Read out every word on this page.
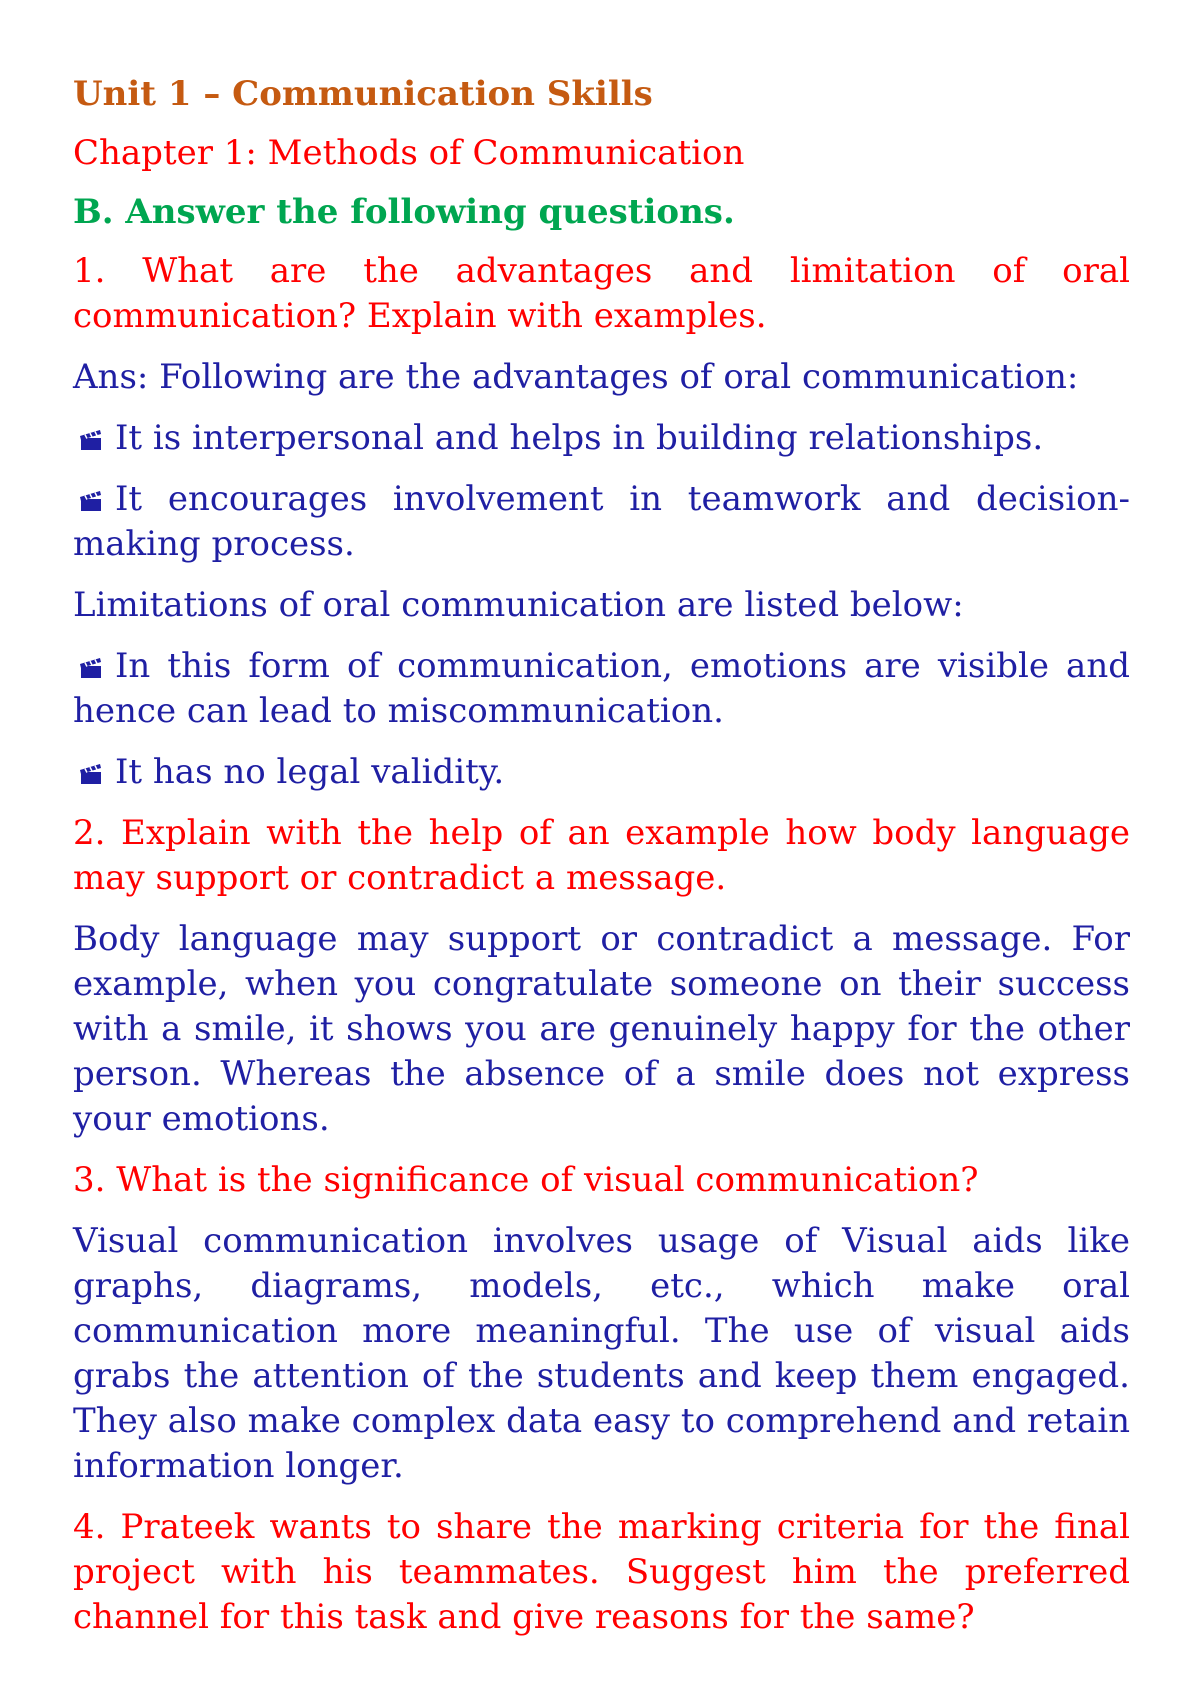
Unit 1 – Communication Skills

Chapter 1: Methods of Communication

B. Answer the following questions.

1. What are the advantages and limitation of oral communication? Explain with examples.

Ans: Following are the advantages of oral communication:

It is interpersonal and helps in building relationships.

It encourages involvement in teamwork and decision-making process.

Limitations of oral communication are listed below:

In this form of communication, emotions are visible and hence can lead to miscommunication.

It has no legal validity.

2. Explain with the help of an example how body language may support or contradict a message.

Body language may support or contradict a message. For example, when you congratulate someone on their success with a smile, it shows you are genuinely happy for the other person. Whereas the absence of a smile does not express your emotions.

3. What is the significance of visual communication?

Visual communication involves usage of Visual aids like graphs, diagrams, models, etc., which make oral communication more meaningful. The use of visual aids grabs the attention of the students and keep them engaged. They also make complex data easy to comprehend and retain information longer.

4. Prateek wants to share the marking criteria for the final project with his teammates. Suggest him the preferred channel for this task and give reasons for the same?
